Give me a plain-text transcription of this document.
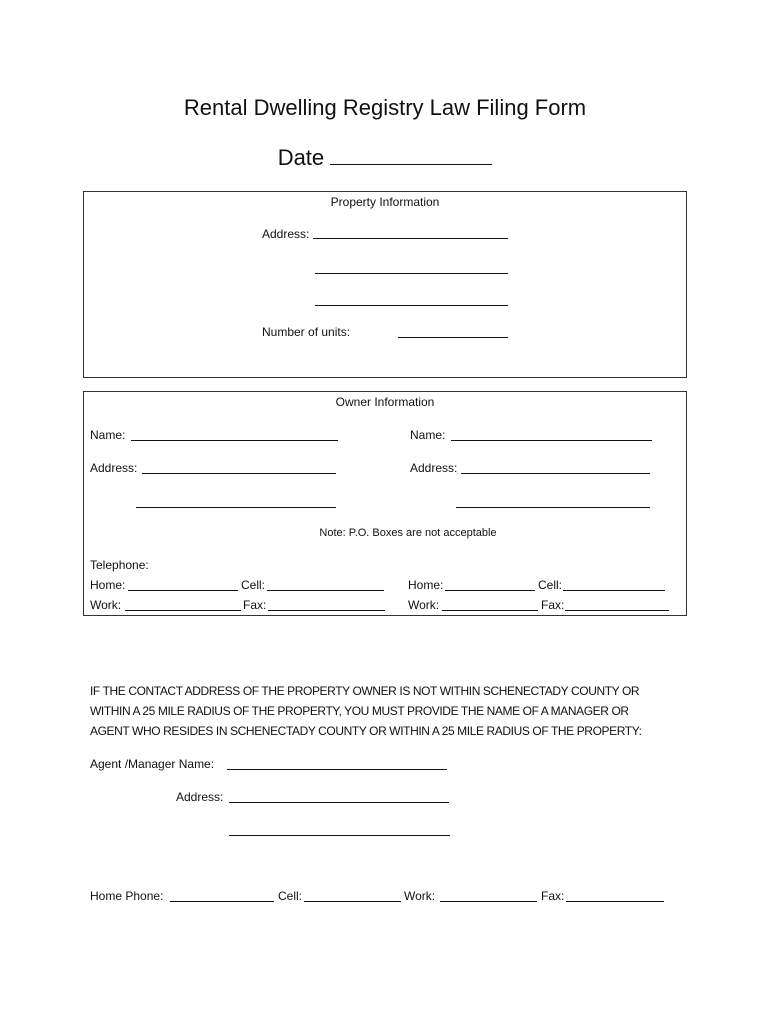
Rental Dwelling Registry Law Filing Form
Date
Property Information
Address:
Number of units:
Owner Information
Name:
Address:
Name:
Address:
Note: P.O. Boxes are not acceptable
Telephone:
Home:	Cell:
Work:	Fax:
Home:	Cell:
Work:	Fax:
IF THE CONTACT ADDRESS OF THE PROPERTY OWNER IS NOT WITHIN SCHENECTADY COUNTY OR
WITHIN A 25 MILE RADIUS OF THE PROPERTY, YOU MUST PROVIDE THE NAME OF A MANAGER OR
AGENT WHO RESIDES IN SCHENECTADY COUNTY OR WITHIN A 25 MILE RADIUS OF THE PROPERTY:
Agent /Manager Name:
Address:
Home Phone:	Cell:	Work:	Fax:
